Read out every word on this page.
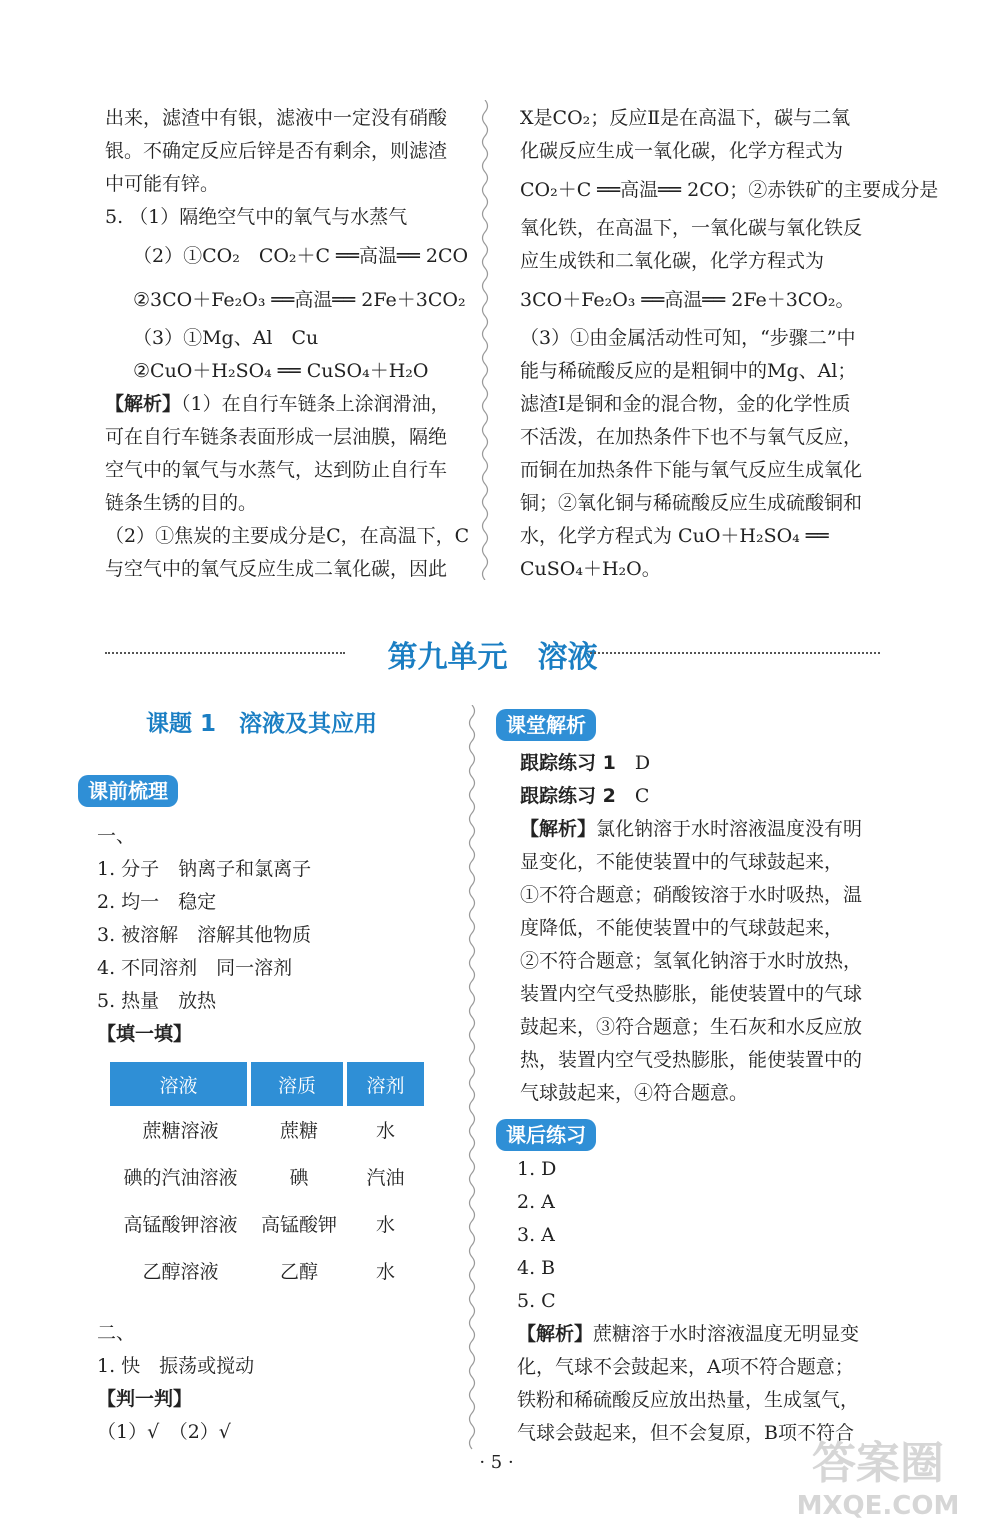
出来，滤渣中有银，滤液中一定没有硝酸

银。不确定反应后锌是否有剩余，则滤渣

中可能有锌。

5. （1）隔绝空气中的氧气与水蒸气

（2）①CO₂　CO₂＋C ══高温══ 2CO

②3CO＋Fe₂O₃ ══高温══ 2Fe＋3CO₂

（3）①Mg、Al　Cu

②CuO＋H₂SO₄ ══ CuSO₄＋H₂O

【解析】（1）在自行车链条上涂润滑油，

可在自行车链条表面形成一层油膜，隔绝

空气中的氧气与水蒸气，达到防止自行车

链条生锈的目的。

（2）①焦炭的主要成分是C，在高温下，C

与空气中的氧气反应生成二氧化碳，因此

X是CO₂；反应Ⅱ是在高温下，碳与二氧

化碳反应生成一氧化碳，化学方程式为

CO₂＋C ══高温══ 2CO；②赤铁矿的主要成分是

氧化铁，在高温下，一氧化碳与氧化铁反

应生成铁和二氧化碳，化学方程式为

3CO＋Fe₂O₃ ══高温══ 2Fe＋3CO₂。

（3）①由金属活动性可知，“步骤二”中

能与稀硫酸反应的是粗铜中的Mg、Al；

滤渣Ⅰ是铜和金的混合物，金的化学性质

不活泼，在加热条件下也不与氧气反应，

而铜在加热条件下能与氧气反应生成氧化

铜；②氧化铜与稀硫酸反应生成硫酸铜和

水，化学方程式为 CuO＋H₂SO₄ ══

CuSO₄＋H₂O。

第九单元　溶液
课题 1　溶液及其应用
课前梳理

一、

1. 分子　钠离子和氯离子

2. 均一　稳定

3. 被溶解　溶解其他物质

4. 不同溶剂　同一溶剂

5. 热量　放热

【填一填】

溶液	溶质	溶剂
蔗糖溶液	蔗糖	水
碘的汽油溶液	碘	汽油
高锰酸钾溶液	高锰酸钾	水
乙醇溶液	乙醇	水

二、

1. 快　振荡或搅动

【判一判】

（1）√　（2）√

课堂解析

跟踪练习 1　 D

跟踪练习 2　 C

【解析】氯化钠溶于水时溶液温度没有明

显变化，不能使装置中的气球鼓起来，

①不符合题意；硝酸铵溶于水时吸热，温

度降低，不能使装置中的气球鼓起来，

②不符合题意；氢氧化钠溶于水时放热，

装置内空气受热膨胀，能使装置中的气球

鼓起来，③符合题意；生石灰和水反应放

热，装置内空气受热膨胀，能使装置中的

气球鼓起来，④符合题意。

课后练习

1. D

2. A

3. A

4. B

5. C

【解析】蔗糖溶于水时溶液温度无明显变

化，气球不会鼓起来，A项不符合题意；

铁粉和稀硫酸反应放出热量，生成氢气，

气球会鼓起来，但不会复原，B项不符合

· 5 ·	答案圈
MXQE.COM
